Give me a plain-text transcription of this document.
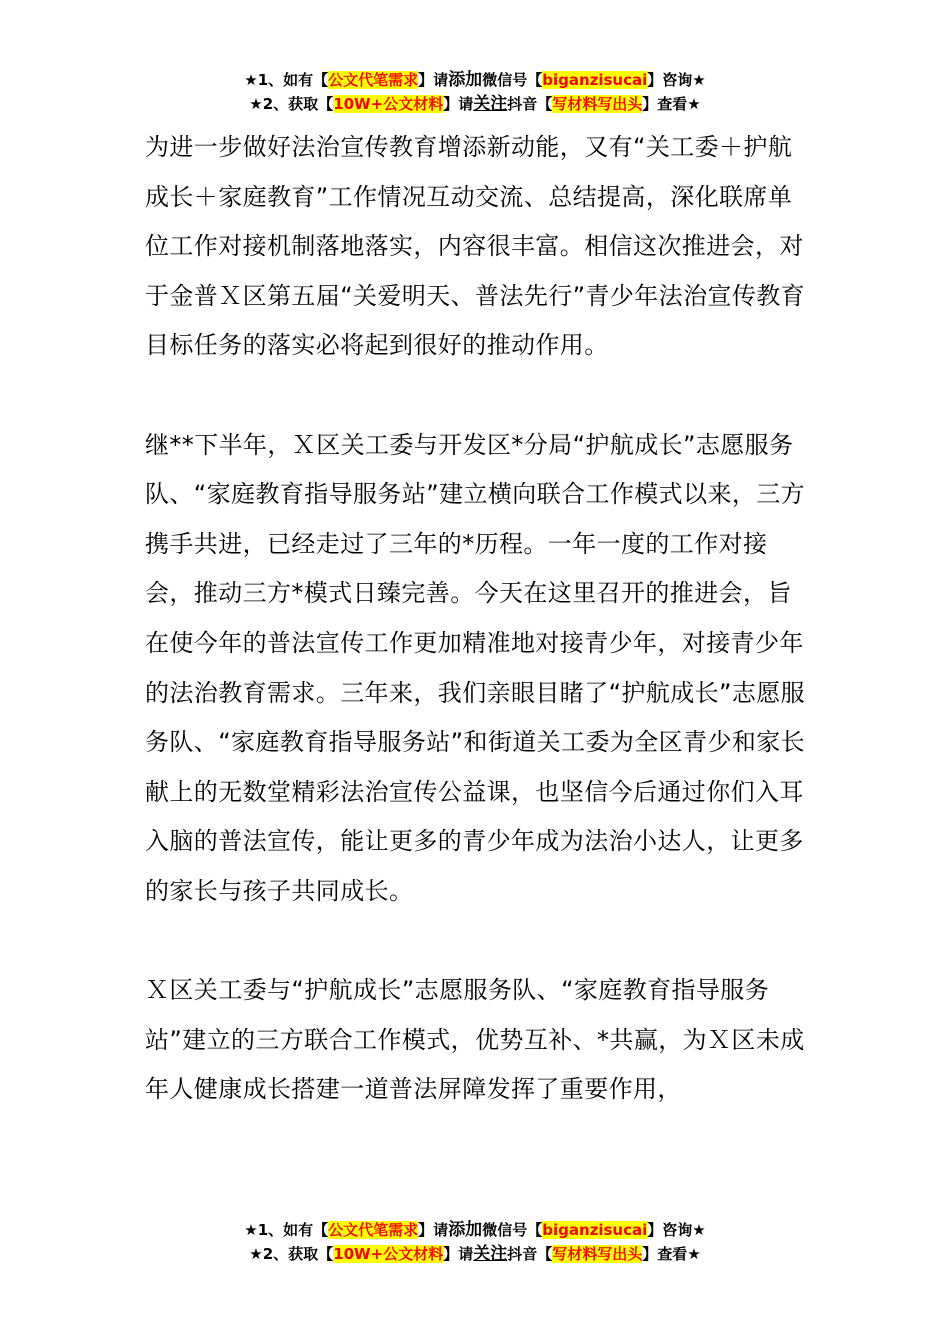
★1、如有【公文代笔需求】请添加微信号【biganzisucai】咨询★
★2、获取【10W+公文材料】请关注抖音【写材料写出头】查看★

为进一步做好法治宣传教育增添新动能，又有“关工委＋护航成长＋家庭教育”工作情况互动交流、总结提高，深化联席单位工作对接机制落地落实，内容很丰富。相信这次推进会，对于金普Ｘ区第五届“关爱明天、普法先行”青少年法治宣传教育目标任务的落实必将起到很好的推动作用。

继**下半年，Ｘ区关工委与开发区*分局“护航成长”志愿服务队、“家庭教育指导服务站”建立横向联合工作模式以来，三方携手共进，已经走过了三年的*历程。一年一度的工作对接会，推动三方*模式日臻完善。今天在这里召开的推进会，旨在使今年的普法宣传工作更加精准地对接青少年，对接青少年的法治教育需求。三年来，我们亲眼目睹了“护航成长”志愿服务队、“家庭教育指导服务站”和街道关工委为全区青少和家长献上的无数堂精彩法治宣传公益课，也坚信今后通过你们入耳入脑的普法宣传，能让更多的青少年成为法治小达人，让更多的家长与孩子共同成长。

Ｘ区关工委与“护航成长”志愿服务队、“家庭教育指导服务站”建立的三方联合工作模式，优势互补、*共赢，为Ｘ区未成年人健康成长搭建一道普法屏障发挥了重要作用，

★1、如有【公文代笔需求】请添加微信号【biganzisucai】咨询★
★2、获取【10W+公文材料】请关注抖音【写材料写出头】查看★
